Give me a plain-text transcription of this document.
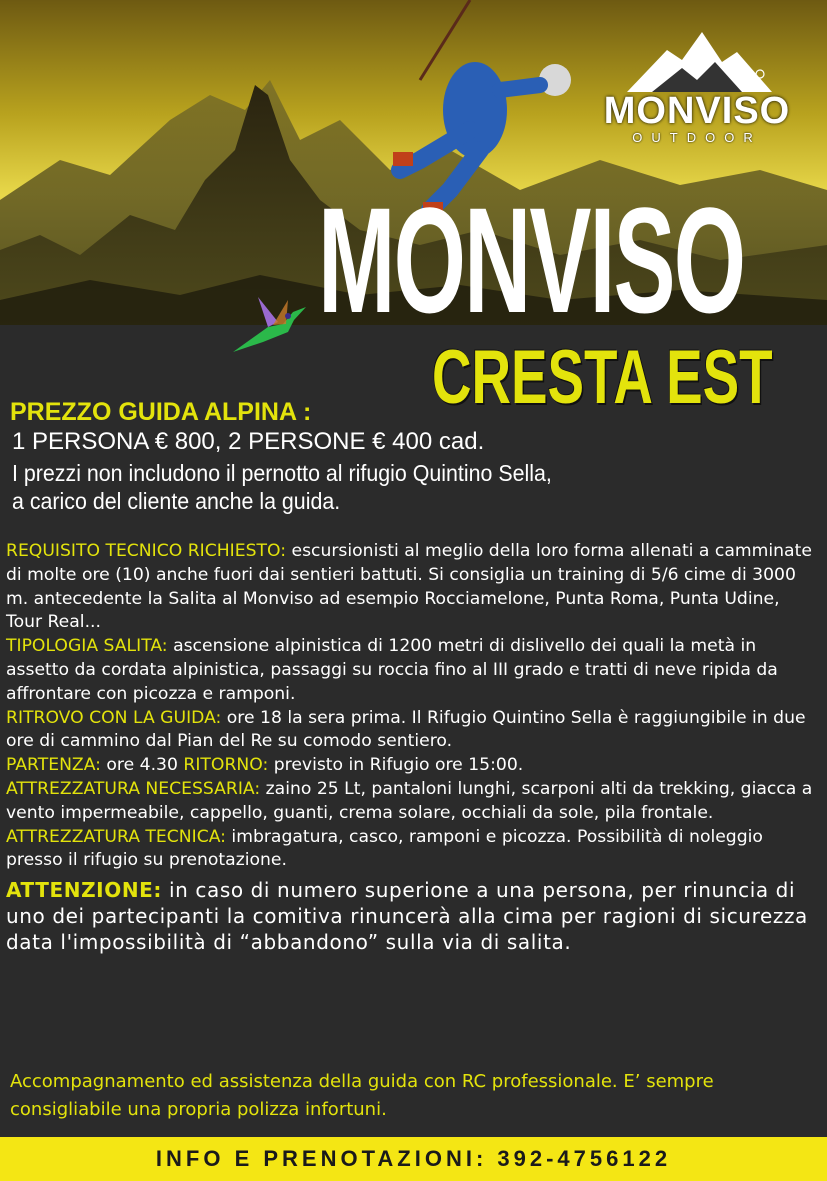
MONVISO
OUTDOOR
MONVISO
CRESTA EST
PREZZO GUIDA ALPINA :
1 PERSONA € 800, 2 PERSONE € 400 cad.
I prezzi non includono il pernotto al rifugio Quintino Sella,
a carico del cliente anche la guida.

REQUISITO TECNICO RICHIESTO: escursionisti al meglio della loro forma allenati a camminate di molte ore (10) anche fuori dai sentieri battuti. Si consiglia un training di 5/6 cime di 3000 m. antecedente la Salita al Monviso ad esempio Rocciamelone, Punta Roma, Punta Udine, Tour Real...

TIPOLOGIA SALITA: ascensione alpinistica di 1200 metri di dislivello dei quali la metà in assetto da cordata alpinistica, passaggi su roccia fino al III grado e tratti di neve ripida da affrontare con picozza e ramponi.

RITROVO CON LA GUIDA: ore 18 la sera prima. Il Rifugio Quintino Sella è raggiungibile in due ore di cammino dal Pian del Re su comodo sentiero.

PARTENZA: ore 4.30 RITORNO: previsto in Rifugio ore 15:00.

ATTREZZATURA NECESSARIA: zaino 25 Lt, pantaloni lunghi, scarponi alti da trekking, giacca a vento impermeabile, cappello, guanti, crema solare, occhiali da sole, pila frontale.

ATTREZZATURA TECNICA: imbragatura, casco, ramponi e picozza. Possibilità di noleggio presso il rifugio su prenotazione.

ATTENZIONE: in caso di numero superione a una persona, per rinuncia di uno dei partecipanti la comitiva rinuncerà alla cima per ragioni di sicurezza data l'impossibilità di “abbandono” sulla via di salita.

Accompagnamento ed assistenza della guida con RC professionale. E’ sempre consigliabile una propria polizza infortuni.
INFO E PRENOTAZIONI: 392-4756122
